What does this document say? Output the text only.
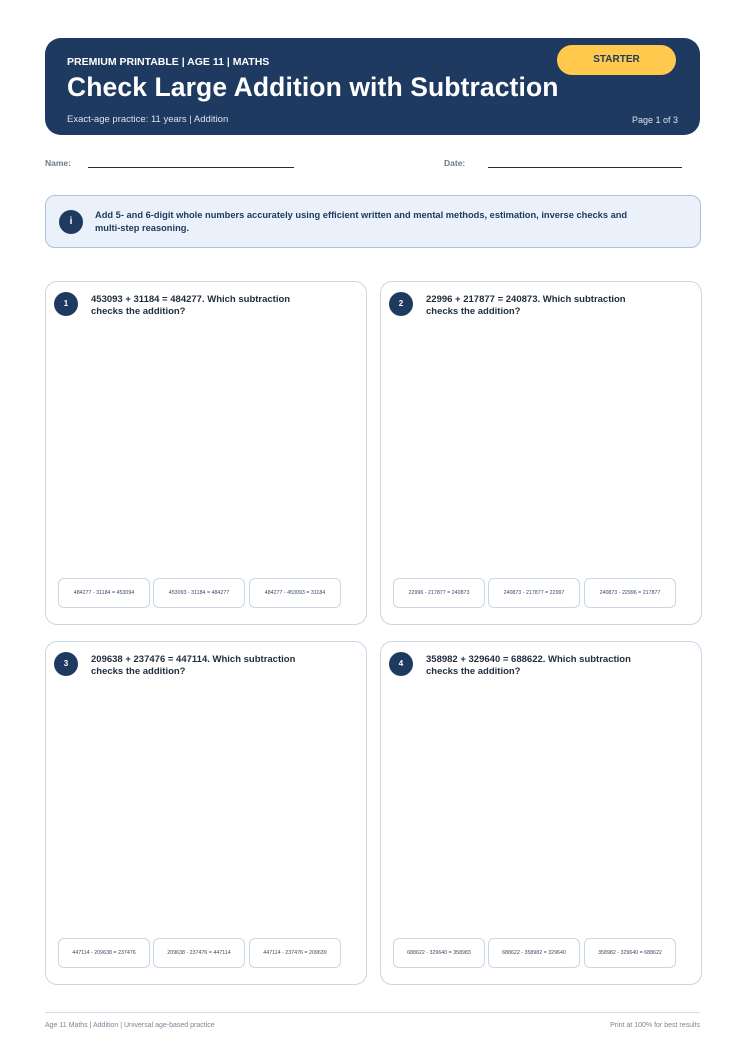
PREMIUM PRINTABLE | AGE 11 | MATHS
Check Large Addition with Subtraction
Exact-age practice: 11 years | Addition	Page 1 of 3
STARTER
Name:	Date:
i
Add 5- and 6-digit whole numbers accurately using efficient written and mental methods, estimation, inverse checks and
multi-step reasoning.
1	453093 + 31184 = 484277. Which subtraction
checks the addition?
484277 - 31184 = 453094	453093 - 31184 = 484277	484277 - 453093 = 31184
2	22996 + 217877 = 240873. Which subtraction
checks the addition?
22996 - 217877 = 240873	240873 - 217877 = 22997	240873 - 22996 = 217877
3	209638 + 237476 = 447114. Which subtraction
checks the addition?
447114 - 209638 = 237476	209638 - 237476 = 447114	447114 - 237476 = 209639
4	358982 + 329640 = 688622. Which subtraction
checks the addition?
688622 - 329640 = 358983	688622 - 358982 = 329640	358982 - 329640 = 688622
Age 11 Maths | Addition | Universal age-based practice	Print at 100% for best results
